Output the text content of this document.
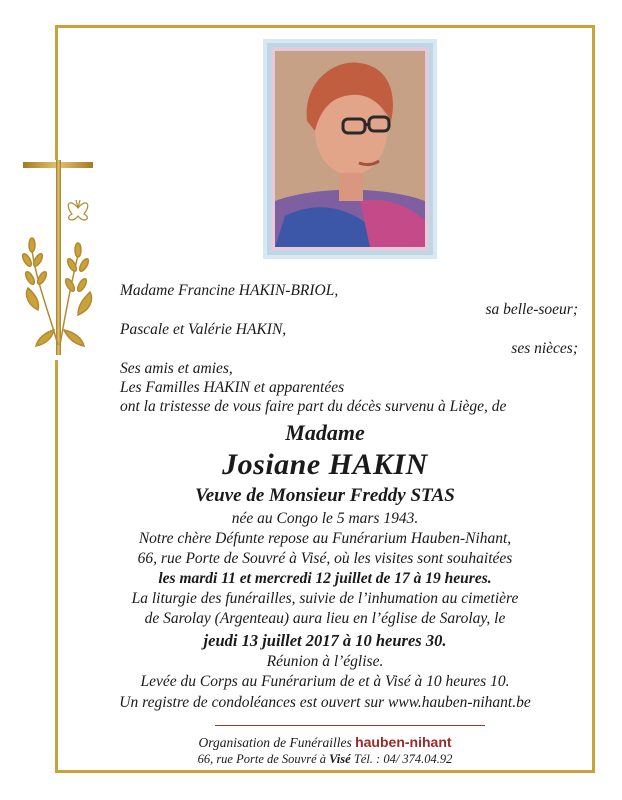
Madame Francine HAKIN-BRIOL,
sa belle-soeur;
Pascale et Valérie HAKIN,
ses nièces;
Ses amis et amies,
Les Familles HAKIN et apparentées
ont la tristesse de vous faire part du décès survenu à Liège, de
Madame
Josiane HAKIN
Veuve de Monsieur Freddy STAS
née au Congo le 5 mars 1943.
Notre chère Défunte repose au Funérarium Hauben-Nihant,
66, rue Porte de Souvré à Visé, où les visites sont souhaitées
les mardi 11 et mercredi 12 juillet de 17 à 19 heures.
La liturgie des funérailles, suivie de l’inhumation au cimetière
de Sarolay (Argenteau) aura lieu en l’église de Sarolay, le
jeudi 13 juillet 2017 à 10 heures 30.
Réunion à l’église.
Levée du Corps au Funérarium de et à Visé à 10 heures 10.
Un registre de condoléances est ouvert sur www.hauben-nihant.be
Organisation de Funérailles hauben-nihant
66, rue Porte de Souvré à Visé Tél. : 04/ 374.04.92
